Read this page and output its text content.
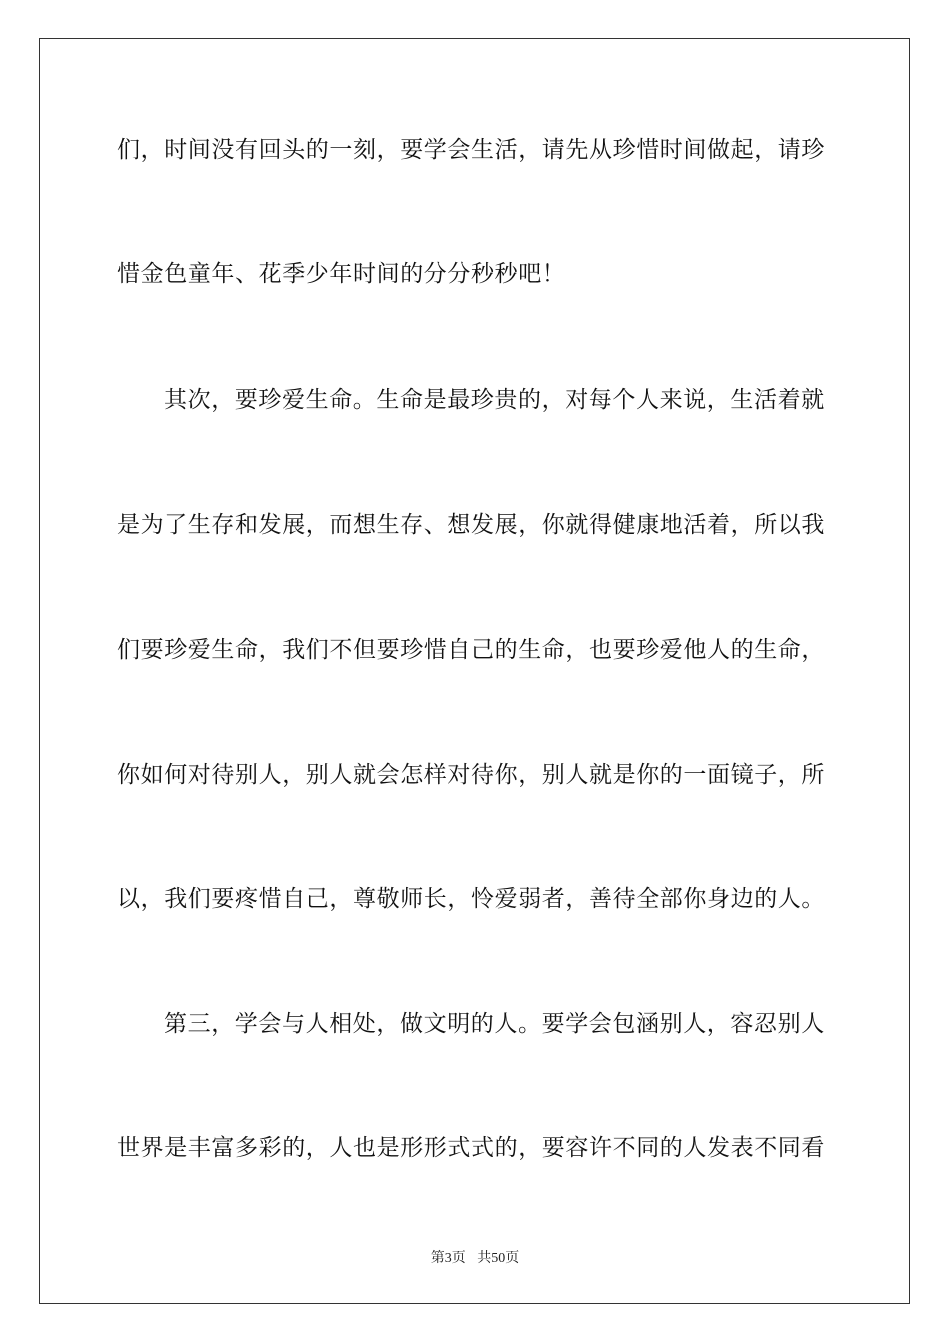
们，时间没有回头的一刻，要学会生活，请先从珍惜时间做起，请珍
惜金色童年、花季少年时间的分分秒秒吧！
其次，要珍爱生命。生命是最珍贵的，对每个人来说，生活着就
是为了生存和发展，而想生存、想发展，你就得健康地活着，所以我
们要珍爱生命，我们不但要珍惜自己的生命，也要珍爱他人的生命，
你如何对待别人，别人就会怎样对待你，别人就是你的一面镜子，所
以，我们要疼惜自己，尊敬师长，怜爱弱者，善待全部你身边的人。
第三，学会与人相处，做文明的人。要学会包涵别人，容忍别人
世界是丰富多彩的，人也是形形式式的，要容许不同的人发表不同看
第3页 共50页
